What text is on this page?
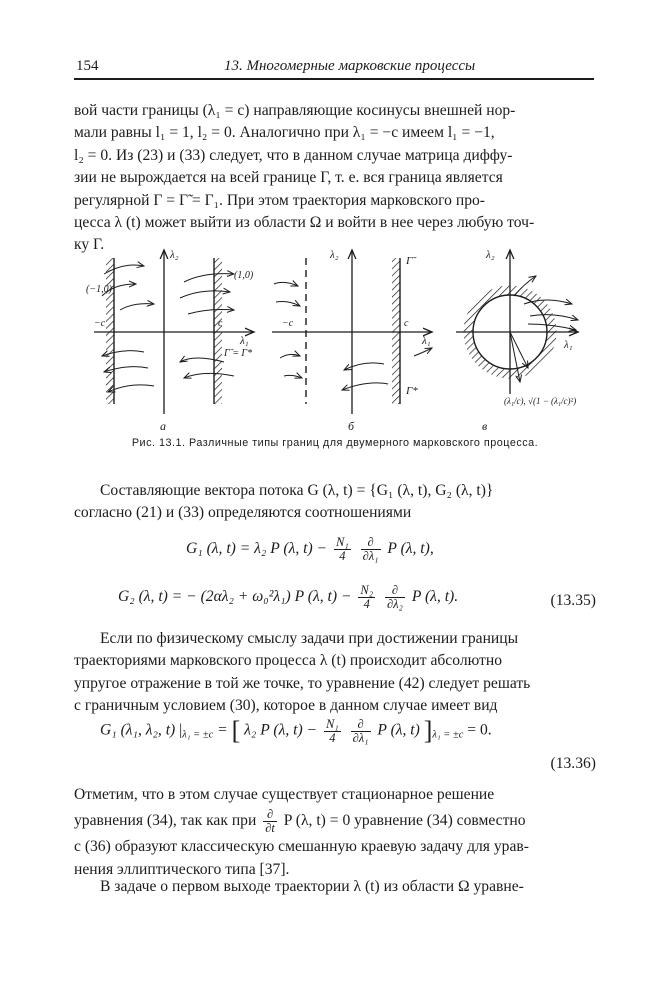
154	13. Многомерные марковские процессы
вой части границы (λ₁ = c) направляющие косинусы внешней нор-
мали равны l₁ = 1, l₂ = 0. Аналогично при λ₁ = −c имеем l₁ = −1,
l₂ = 0. Из (23) и (33) следует, что в данном случае матрица диффу-
зии не вырождается на всей границе Γ, т. е. вся граница является
регулярной Γ = Γ̃ = Γ₁. При этом траектория марковского про-
цесса λ (t) может выйти из области Ω и войти в нее через любую точ-
ку Γ.
(−1,0)
(1,0)
−c	c
λ₂
λ₁
Γ̃ = Γ*
а
−c	c
λ₂
λ₁
Γ̃
Γ*
б
λ₂
λ₁
(λ₁/c), √(1 − (λ₁/c)²)
в
Рис. 13.1. Различные типы границ для двумерного марковского процесса.
Составляющие вектора потока G (λ, t) = {G₁ (λ, t), G₂ (λ, t)}
согласно (21) и (33) определяются соотношениями
G₁ (λ, t) = λ₂ P (λ, $t) - \frac{\text{N₁}}{4}$
$\frac{\partial}{\text{∂λ₁}}$ P (λ, t),
G₂ (λ, t) = − (2αλ₂ + ω₀²λ₁) P (λ, $t) - \frac{\text{N₂}}{4}$
$\frac{\partial}{\text{∂λ₂}}$ P (λ, t).	(13.35)
Если по физическому смыслу задачи при достижении границы
траекториями марковского процесса λ (t) происходит абсолютно
упругое отражение в той же точке, то уравнение (42) следует решать
с граничным условием (30), которое в данном случае имеет вид
G₁ (λ₁, λ₂, t) $|_{\lambda_1 = \pm c}$ = [ λ₂ P (λ, $t) - \frac{\text{N₁}}{4}$
$\frac{\partial}{\text{∂λ₁}}$ P (λ, t) ]$_{\lambda_1 = \pm c} = 0$.
(13.36)
Отметим, что в этом случае существует стационарное решение
уравнения (34), так как при $\frac{\partial}{\partial t}$ P (λ, t) = 0 уравнение (34) совместно
с (36) образуют классическую смешанную краевую задачу для урав-
нения эллиптического типа [37].
В задаче о первом выходе траектории λ (t) из области Ω уравне-
